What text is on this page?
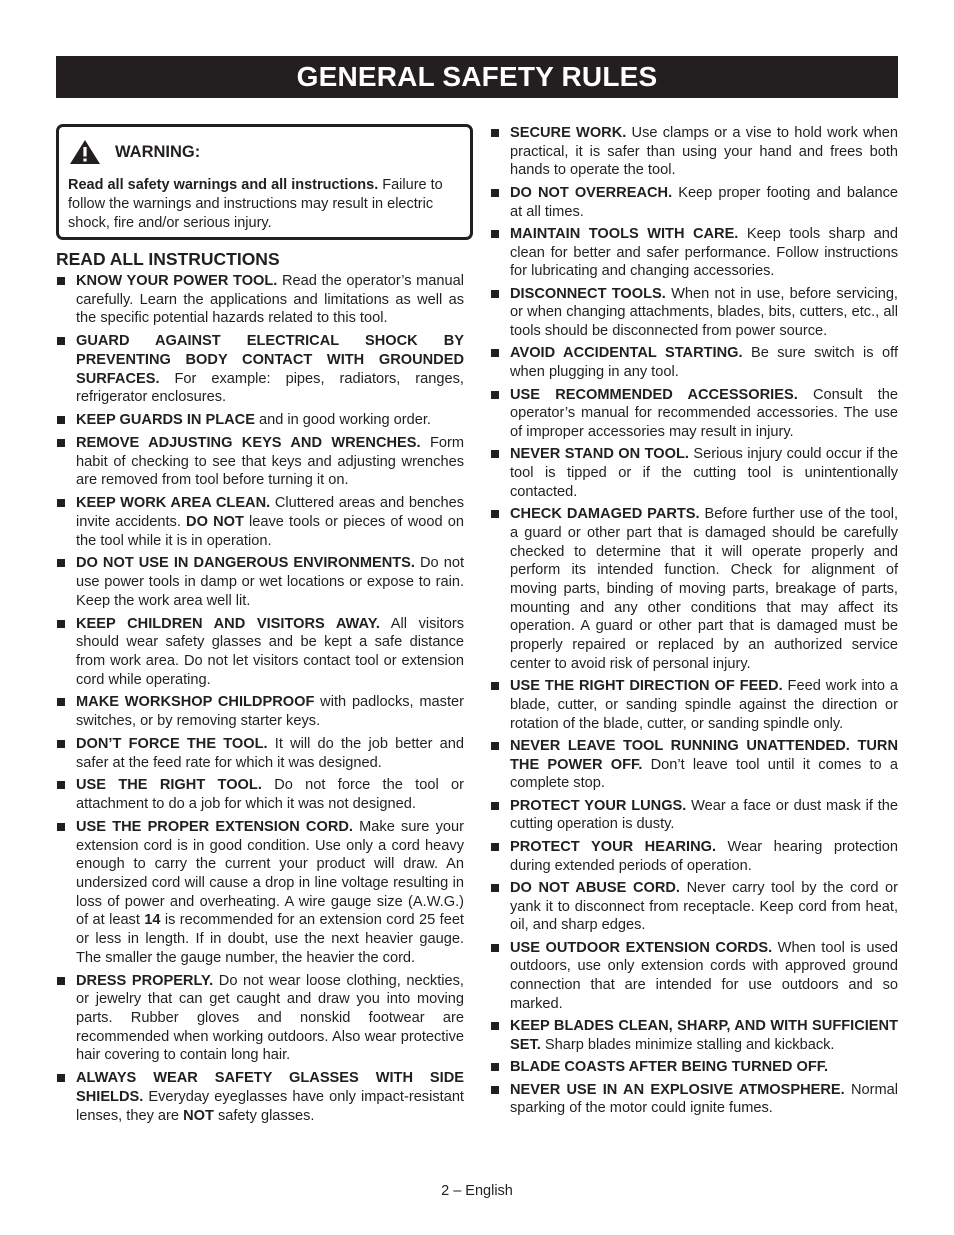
GENERAL SAFETY RULES
WARNING:
Read all safety warnings and all instructions. Failure to follow the warnings and instructions may result in electric shock, fire and/or serious injury.
READ ALL INSTRUCTIONS
KNOW YOUR POWER TOOL. Read the operator’s manual carefully. Learn the applications and limitations as well as the specific potential hazards related to this tool.
GUARD AGAINST ELECTRICAL SHOCK BY PREVENTING BODY CONTACT WITH GROUNDED SURFACES. For example: pipes, radiators, ranges, refrigerator enclosures.
KEEP GUARDS IN PLACE and in good working order.
REMOVE ADJUSTING KEYS AND WRENCHES. Form habit of checking to see that keys and adjusting wrenches are removed from tool before turning it on.
KEEP WORK AREA CLEAN. Cluttered areas and benches invite accidents. DO NOT leave tools or pieces of wood on the tool while it is in operation.
DO NOT USE IN DANGEROUS ENVIRONMENTS. Do not use power tools in damp or wet locations or expose to rain. Keep the work area well lit.
KEEP CHILDREN AND VISITORS AWAY. All visitors should wear safety glasses and be kept a safe distance from work area. Do not let visitors contact tool or extension cord while operating.
MAKE WORKSHOP CHILDPROOF with padlocks, master switches, or by removing starter keys.
DON’T FORCE THE TOOL. It will do the job better and safer at the feed rate for which it was designed.
USE THE RIGHT TOOL. Do not force the tool or attachment to do a job for which it was not designed.
USE THE PROPER EXTENSION CORD. Make sure your extension cord is in good condition. Use only a cord heavy enough to carry the current your product will draw. An undersized cord will cause a drop in line voltage resulting in loss of power and overheating. A wire gauge size (A.W.G.) of at least 14 is recommended for an extension cord 25 feet or less in length. If in doubt, use the next heavier gauge. The smaller the gauge number, the heavier the cord.
DRESS PROPERLY. Do not wear loose clothing, neckties, or jewelry that can get caught and draw you into moving parts. Rubber gloves and nonskid footwear are recommended when working outdoors. Also wear protective hair covering to contain long hair.
ALWAYS WEAR SAFETY GLASSES WITH SIDE SHIELDS. Everyday eyeglasses have only impact-resistant lenses, they are NOT safety glasses.
SECURE WORK. Use clamps or a vise to hold work when practical, it is safer than using your hand and frees both hands to operate the tool.
DO NOT OVERREACH. Keep proper footing and balance at all times.
MAINTAIN TOOLS WITH CARE. Keep tools sharp and clean for better and safer performance. Follow instructions for lubricating and changing accessories.
DISCONNECT TOOLS. When not in use, before servicing, or when changing attachments, blades, bits, cutters, etc., all tools should be disconnected from power source.
AVOID ACCIDENTAL STARTING. Be sure switch is off when plugging in any tool.
USE RECOMMENDED ACCESSORIES. Consult the operator’s manual for recommended accessories. The use of improper accessories may result in injury.
NEVER STAND ON TOOL. Serious injury could occur if the tool is tipped or if the cutting tool is unintentionally contacted.
CHECK DAMAGED PARTS. Before further use of the tool, a guard or other part that is damaged should be carefully checked to determine that it will operate properly and perform its intended function. Check for alignment of moving parts, binding of moving parts, breakage of parts, mounting and any other conditions that may affect its operation. A guard or other part that is damaged must be properly repaired or replaced by an authorized service center to avoid risk of personal injury.
USE THE RIGHT DIRECTION OF FEED. Feed work into a blade, cutter, or sanding spindle against the direction or rotation of the blade, cutter, or sanding spindle only.
NEVER LEAVE TOOL RUNNING UNATTENDED. TURN THE POWER OFF. Don’t leave tool until it comes to a complete stop.
PROTECT YOUR LUNGS. Wear a face or dust mask if the cutting operation is dusty.
PROTECT YOUR HEARING. Wear hearing protection during extended periods of operation.
DO NOT ABUSE CORD. Never carry tool by the cord or yank it to disconnect from receptacle. Keep cord from heat, oil, and sharp edges.
USE OUTDOOR EXTENSION CORDS. When tool is used outdoors, use only extension cords with approved ground connection that are intended for use outdoors and so marked.
KEEP BLADES CLEAN, SHARP, AND WITH SUFFICIENT SET. Sharp blades minimize stalling and kickback.
BLADE COASTS AFTER BEING TURNED OFF.
NEVER USE IN AN EXPLOSIVE ATMOSPHERE. Normal sparking of the motor could ignite fumes.
2 – English
